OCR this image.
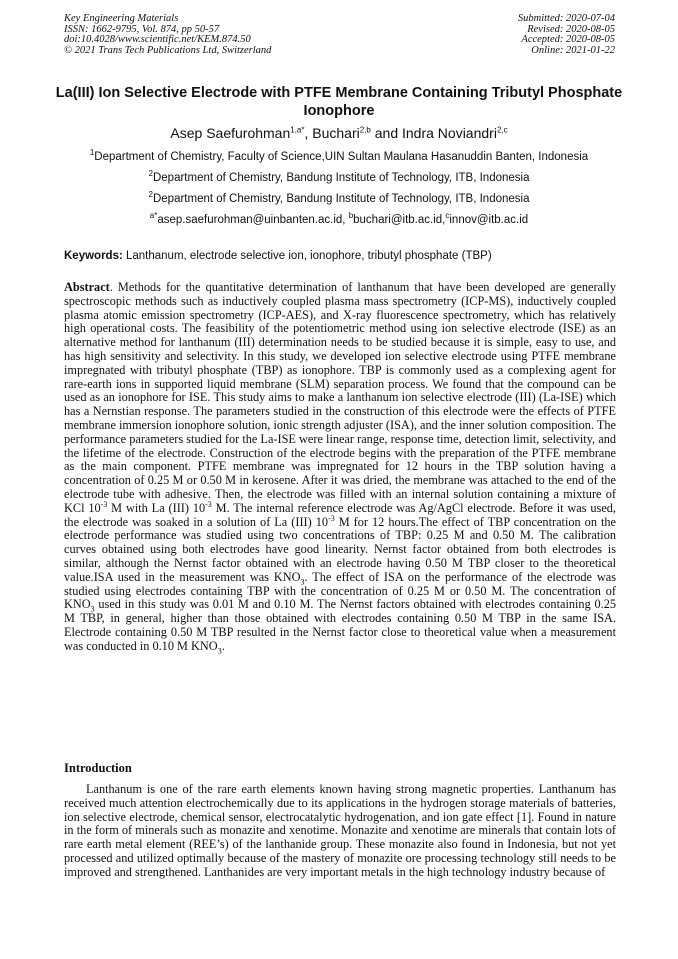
Key Engineering Materials
ISSN: 1662-9795, Vol. 874, pp 50-57
doi:10.4028/www.scientific.net/KEM.874.50
© 2021 Trans Tech Publications Ltd, Switzerland
Submitted: 2020-07-04
Revised: 2020-08-05
Accepted: 2020-08-05
Online: 2021-01-22
La(III) Ion Selective Electrode with PTFE Membrane Containing Tributyl Phosphate Ionophore
Asep Saefurohman$^{1,a*}$, Buchari$^{2,b}$ and Indra Noviandri$^{2,c}$
$^1$Department of Chemistry, Faculty of Science,UIN Sultan Maulana Hasanuddin Banten, Indonesia
$^2$Department of Chemistry, Bandung Institute of Technology, ITB, Indonesia
$^2$Department of Chemistry, Bandung Institute of Technology, ITB, Indonesia
$^{a*}$asep.saefurohman@uinbanten.ac.id, $^b$buchari@itb.ac.id,$^c$innov@itb.ac.id
Keywords: Lanthanum, electrode selective ion, ionophore, tributyl phosphate (TBP)
Abstract. Methods for the quantitative determination of lanthanum that have been developed are generally spectroscopic methods such as inductively coupled plasma mass spectrometry (ICP-MS), inductively coupled plasma atomic emission spectrometry (ICP-AES), and X-ray fluorescence spectrometry, which has relatively high operational costs. The feasibility of the potentiometric method using ion selective electrode (ISE) as an alternative method for lanthanum (III) determination needs to be studied because it is simple, easy to use, and has high sensitivity and selectivity. In this study, we developed ion selective electrode using PTFE membrane impregnated with tributyl phosphate (TBP) as ionophore. TBP is commonly used as a complexing agent for rare-earth ions in supported liquid membrane (SLM) separation process. We found that the compound can be used as an ionophore for ISE. This study aims to make a lanthanum ion selective electrode (III) (La-ISE) which has a Nernstian response. The parameters studied in the construction of this electrode were the effects of PTFE membrane immersion ionophore solution, ionic strength adjuster (ISA), and the inner solution composition. The performance parameters studied for the La-ISE were linear range, response time, detection limit, selectivity, and the lifetime of the electrode. Construction of the electrode begins with the preparation of the PTFE membrane as the main component. PTFE membrane was impregnated for 12 hours in the TBP solution having a concentration of 0.25 M or 0.50 M in kerosene. After it was dried, the membrane was attached to the end of the electrode tube with adhesive. Then, the electrode was filled with an internal solution containing a mixture of KCl $10^{-3}$ M with La (III) $10^{-3}$ M. The internal reference electrode was Ag/AgCl electrode. Before it was used, the electrode was soaked in a solution of La (III) $10^{-3}$ M for 12 hours.The effect of TBP concentration on the electrode performance was studied using two concentrations of TBP: 0.25 M and 0.50 M. The calibration curves obtained using both electrodes have good linearity. Nernst factor obtained from both electrodes is similar, although the Nernst factor obtained with an electrode having 0.50 M TBP closer to the theoretical value.ISA used in the measurement was $KNO_3$. The effect of ISA on the performance of the electrode was studied using electrodes containing TBP with the concentration of 0.25 M or 0.50 M. The concentration of $KNO_3$ used in this study was 0.01 M and 0.10 M. The Nernst factors obtained with electrodes containing 0.25 M TBP, in general, higher than those obtained with electrodes containing 0.50 M TBP in the same ISA. Electrode containing 0.50 M TBP resulted in the Nernst factor close to theoretical value when a measurement was conducted in 0.10 M $KNO_3$.
Introduction
Lanthanum is one of the rare earth elements known having strong magnetic properties. Lanthanum has received much attention electrochemically due to its applications in the hydrogen storage materials of batteries, ion selective electrode, chemical sensor, electrocatalytic hydrogenation, and ion gate effect [1]. Found in nature in the form of minerals such as monazite and xenotime. Monazite and xenotime are minerals that contain lots of rare earth metal element (REE’s) of the lanthanide group. These monazite also found in Indonesia, but not yet processed and utilized optimally because of the mastery of monazite ore processing technology still needs to be improved and strengthened. Lanthanides are very important metals in the high technology industry because of
